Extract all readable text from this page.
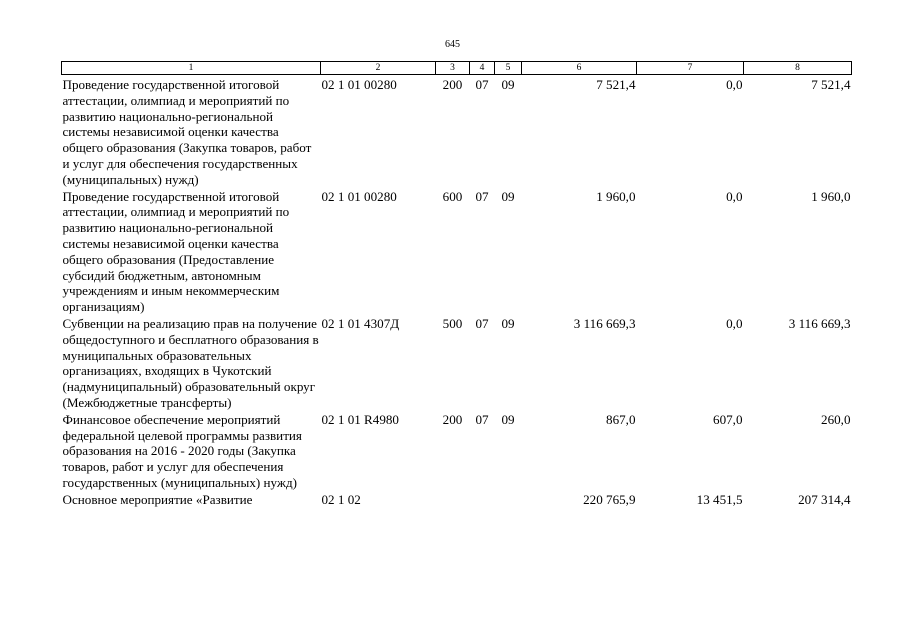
645
1	2	3	4	5	6	7	8
Проведение государственной итоговой аттестации, олимпиад и мероприятий по развитию национально-региональной системы независимой оценки качества общего образования (Закупка товаров, работ и услуг для обеспечения государственных (муниципальных) нужд)	02 1 01 00280	200	07	09	7 521,4	0,0	7 521,4
Проведение государственной итоговой аттестации, олимпиад и мероприятий по развитию национально-региональной системы независимой оценки качества общего образования (Предоставление субсидий бюджетным, автономным учреждениям и иным некоммерческим организациям)	02 1 01 00280	600	07	09	1 960,0	0,0	1 960,0
Субвенции на реализацию прав на получение общедоступного и бесплатного образования в муниципальных образовательных организациях, входящих в Чукотский (надмуниципальный) образовательный округ (Межбюджетные трансферты)	02 1 01 4307Д	500	07	09	3 116 669,3	0,0	3 116 669,3
Финансовое обеспечение мероприятий федеральной целевой программы развития образования на 2016 - 2020 годы (Закупка товаров, работ и услуг для обеспечения государственных (муниципальных) нужд)	02 1 01 R4980	200	07	09	867,0	607,0	260,0
Основное мероприятие «Развитие	02 1 02				220 765,9	13 451,5	207 314,4
